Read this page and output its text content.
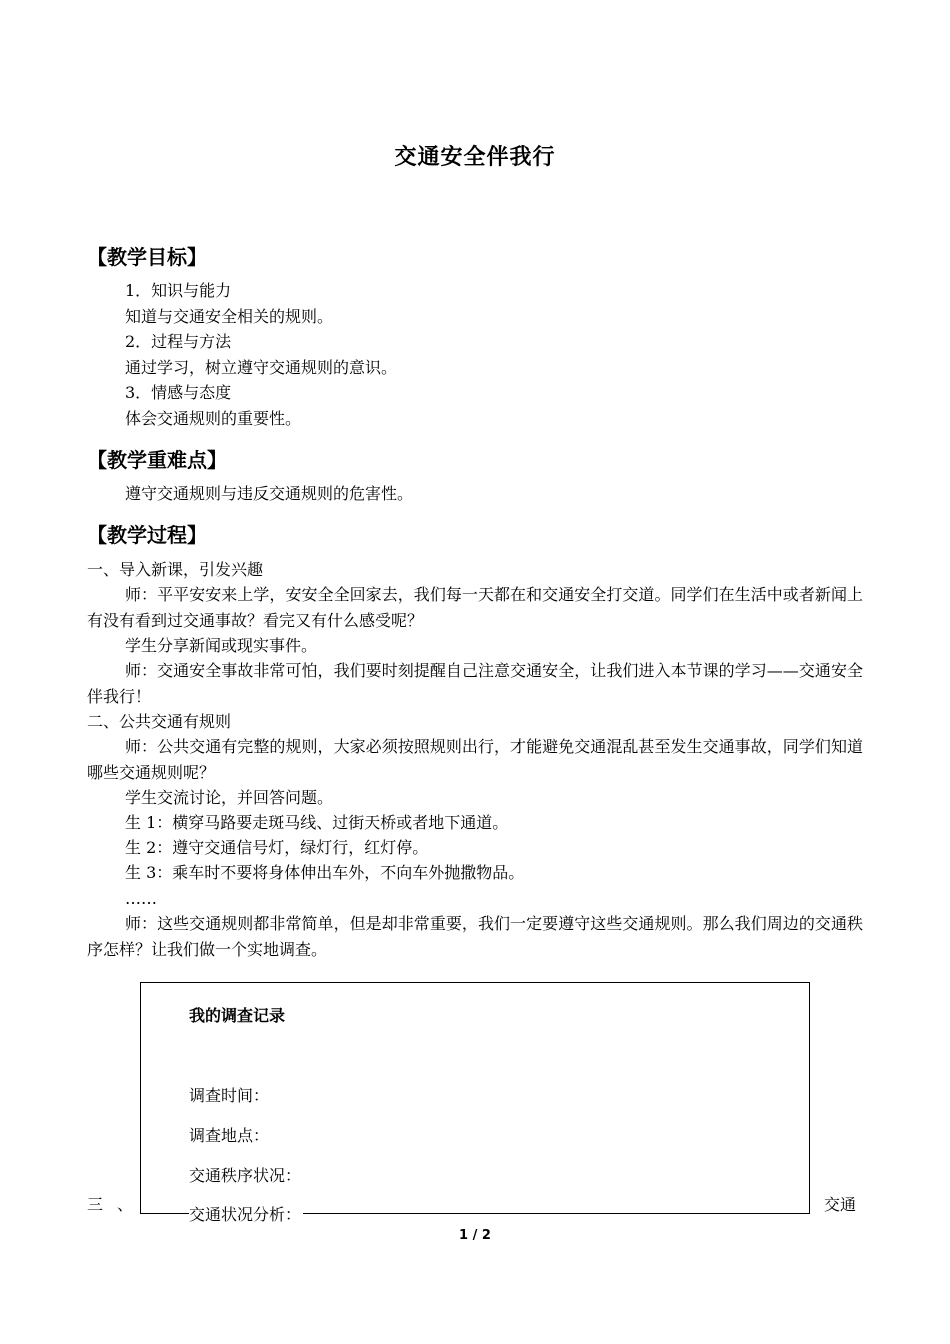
交通安全伴我行
【教学目标】
1．知识与能力
知道与交通安全相关的规则。
2．过程与方法
通过学习，树立遵守交通规则的意识。
3．情感与态度
体会交通规则的重要性。
【教学重难点】
遵守交通规则与违反交通规则的危害性。
【教学过程】
一、导入新课，引发兴趣
师：平平安安来上学，安安全全回家去，我们每一天都在和交通安全打交道。同学们在生活中或者新闻上有没有看到过交通事故？看完又有什么感受呢？
学生分享新闻或现实事件。
师：交通安全事故非常可怕，我们要时刻提醒自己注意交通安全，让我们进入本节课的学习——交通安全伴我行！
二、公共交通有规则
师：公共交通有完整的规则，大家必须按照规则出行，才能避免交通混乱甚至发生交通事故，同学们知道哪些交通规则呢？
学生交流讨论，并回答问题。
生 1：横穿马路要走斑马线、过街天桥或者地下通道。
生 2：遵守交通信号灯，绿灯行，红灯停。
生 3：乘车时不要将身体伸出车外，不向车外抛撒物品。
……
师：这些交通规则都非常简单，但是却非常重要，我们一定要遵守这些交通规则。那么我们周边的交通秩序怎样？让我们做一个实地调查。
三、	交通
我的调查记录
调查时间：
调查地点：
交通秩序状况：
交通状况分析：
1 / 2
